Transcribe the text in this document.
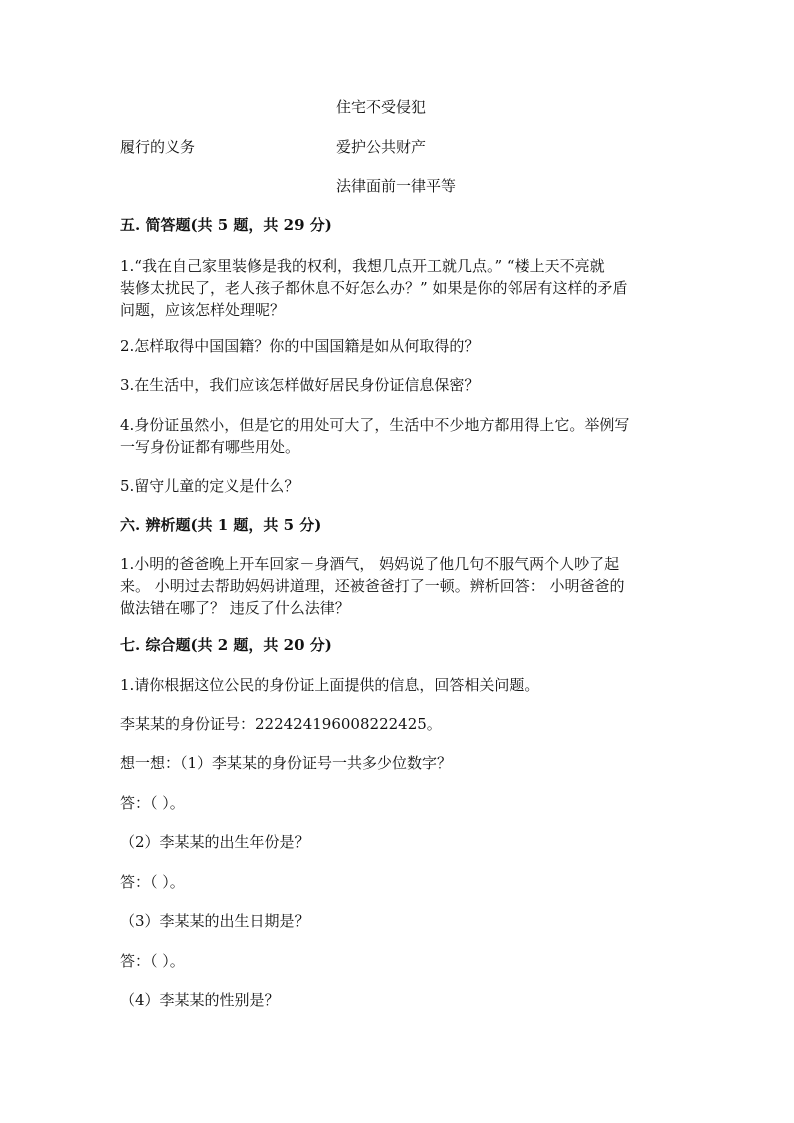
住宅不受侵犯
履行的义务	爱护公共财产
法律面前一律平等
五. 简答题(共 5 题，共 29 分)
1.“我在自己家里装修是我的权利，我想几点开工就几点。” “楼上天不亮就
装修太扰民了，老人孩子都休息不好怎么办？” 如果是你的邻居有这样的矛盾
问题，应该怎样处理呢？
2.怎样取得中国国籍？你的中国国籍是如从何取得的？
3.在生活中，我们应该怎样做好居民身份证信息保密？
4.身份证虽然小，但是它的用处可大了，生活中不少地方都用得上它。举例写
一写身份证都有哪些用处。
5.留守儿童的定义是什么？
六. 辨析题(共 1 题，共 5 分)
1.小明的爸爸晚上开车回家－身酒气， 妈妈说了他几句不服气两个人吵了起
来。 小明过去帮助妈妈讲道理，还被爸爸打了一顿。辨析回答： 小明爸爸的
做法错在哪了？ 违反了什么法律？
七. 综合题(共 2 题，共 20 分)
1.请你根据这位公民的身份证上面提供的信息，回答相关问题。
李某某的身份证号：222424196008222425。
想一想：（1）李某某的身份证号一共多少位数字？
答：（ ）。
（2）李某某的出生年份是？
答：（ ）。
（3）李某某的出生日期是？
答：（ ）。
（4）李某某的性别是？
